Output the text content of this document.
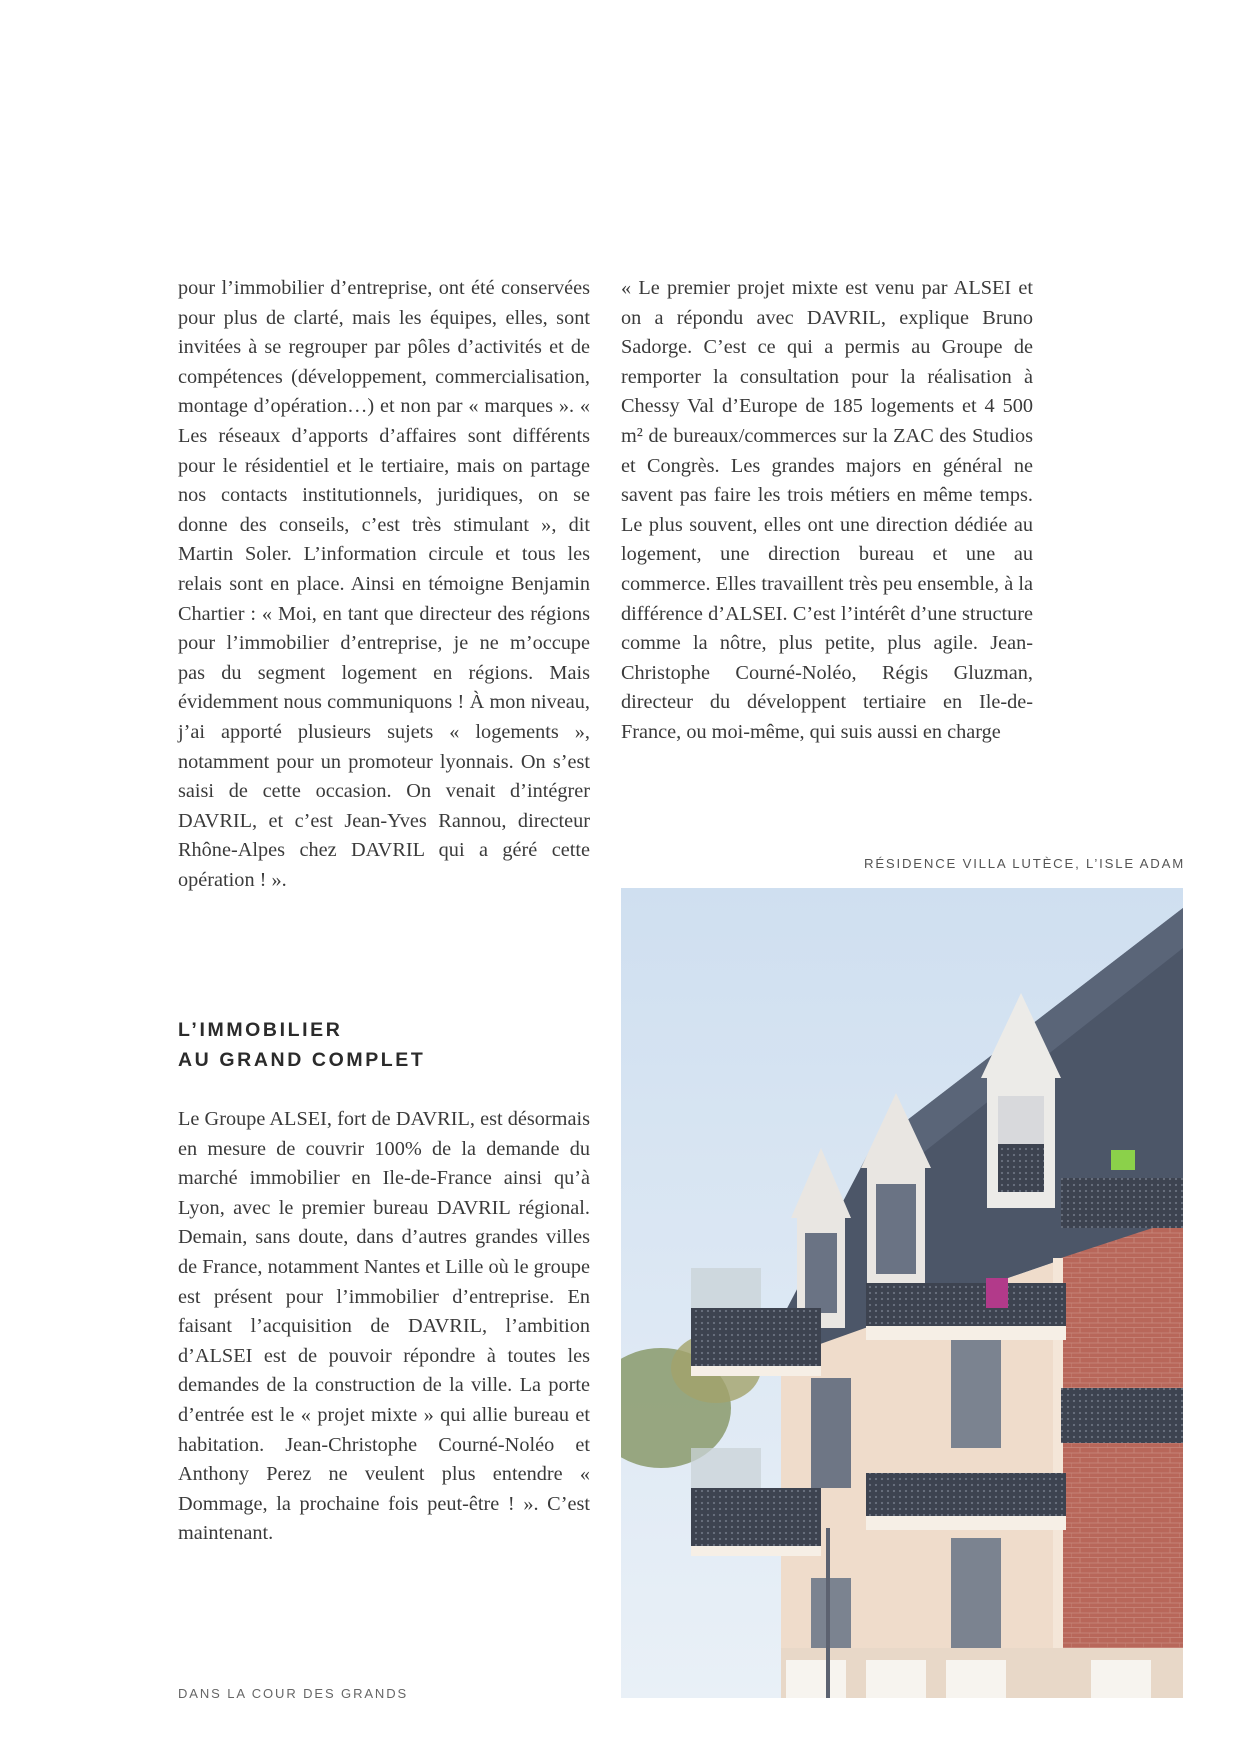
pour l’immobilier d’entreprise, ont été conservées pour plus de clarté, mais les équipes, elles, sont invitées à se regrouper par pôles d’activités et de compétences (développement, commercialisation, montage d’opération…) et non par « marques ». « Les réseaux d’apports d’affaires sont différents pour le résidentiel et le tertiaire, mais on partage nos contacts institutionnels, juridiques, on se donne des conseils, c’est très stimulant », dit Martin Soler. L’information circule et tous les relais sont en place. Ainsi en témoigne Benjamin Chartier : « Moi, en tant que directeur des régions pour l’immobilier d’entreprise, je ne m’occupe pas du segment logement en régions. Mais évidemment nous communiquons ! À mon niveau, j’ai apporté plusieurs sujets « logements », notamment pour un promoteur lyonnais. On s’est saisi de cette occasion. On venait d’intégrer DAVRIL, et c’est Jean-Yves Rannou, directeur Rhône-Alpes chez DAVRIL qui a géré cette opération ! ».

« Le premier projet mixte est venu par ALSEI et on a répondu avec DAVRIL, explique Bruno Sadorge. C’est ce qui a permis au Groupe de remporter la consultation pour la réalisation à Chessy Val d’Europe de 185 logements et 4 500 m² de bureaux/commerces sur la ZAC des Studios et Congrès. Les grandes majors en général ne savent pas faire les trois métiers en même temps. Le plus souvent, elles ont une direction dédiée au logement, une direction bureau et une au commerce. Elles travaillent très peu ensemble, à la différence d’ALSEI. C’est l’intérêt d’une structure comme la nôtre, plus petite, plus agile. Jean-Christophe Courné-Noléo, Régis Gluzman, directeur du développent tertiaire en Ile-de-France, ou moi-même, qui suis aussi en charge

L’IMMOBILIER
AU GRAND COMPLET

Le Groupe ALSEI, fort de DAVRIL, est désormais en mesure de couvrir 100% de la demande du marché immobilier en Ile-de-France ainsi qu’à Lyon, avec le premier bureau DAVRIL régional. Demain, sans doute, dans d’autres grandes villes de France, notamment Nantes et Lille où le groupe est présent pour l’immobilier d’entreprise. En faisant l’acquisition de DAVRIL, l’ambition d’ALSEI est de pouvoir répondre à toutes les demandes de la construction de la ville. La porte d’entrée est le « projet mixte » qui allie bureau et habitation. Jean-Christophe Courné-Noléo et Anthony Perez ne veulent plus entendre « Dommage, la prochaine fois peut-être ! ». C’est maintenant.

RÉSIDENCE VILLA LUTÈCE, L’ISLE ADAM
DANS LA COUR DES GRANDS
